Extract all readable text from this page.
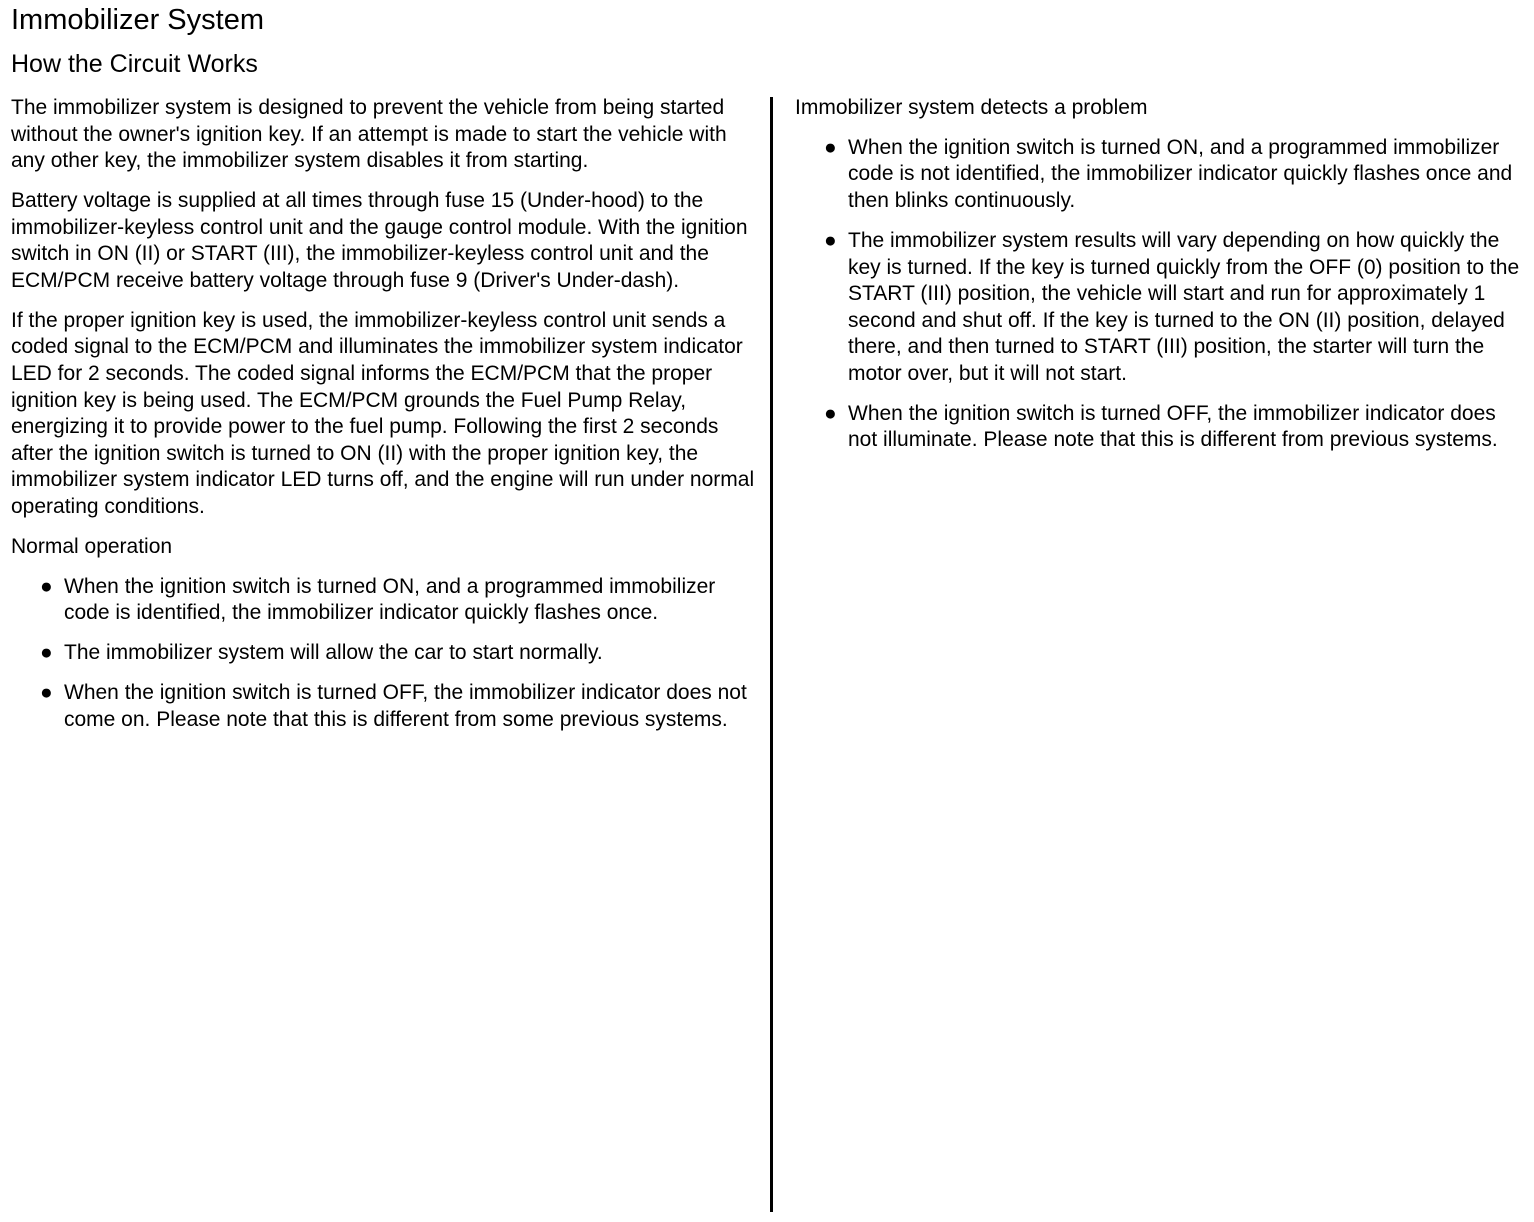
Immobilizer System
How the Circuit Works

The immobilizer system is designed to prevent the vehicle from being started without the owner's ignition key. If an attempt is made to start the vehicle with any other key, the immobilizer system disables it from starting.

Battery voltage is supplied at all times through fuse 15 (Under-hood) to the immobilizer-keyless control unit and the gauge control module. With the ignition switch in ON (II) or START (III), the immobilizer-keyless control unit and the ECM/PCM receive battery voltage through fuse 9 (Driver's Under-dash).

If the proper ignition key is used, the immobilizer-keyless control unit sends a coded signal to the ECM/PCM and illuminates the immobilizer system indicator LED for 2 seconds. The coded signal informs the ECM/PCM that the proper ignition key is being used. The ECM/PCM grounds the Fuel Pump Relay, energizing it to provide power to the fuel pump. Following the first 2 seconds after the ignition switch is turned to ON (II) with the proper ignition key, the immobilizer system indicator LED turns off, and the engine will run under normal operating conditions.

Normal operation

● When the ignition switch is turned ON, and a programmed immobilizer code is identified, the immobilizer indicator quickly flashes once.
● The immobilizer system will allow the car to start normally.
● When the ignition switch is turned OFF, the immobilizer indicator does not come on. Please note that this is different from some previous systems.

Immobilizer system detects a problem

● When the ignition switch is turned ON, and a programmed immobilizer code is not identified, the immobilizer indicator quickly flashes once and then blinks continuously.
● The immobilizer system results will vary depending on how quickly the key is turned. If the key is turned quickly from the OFF (0) position to the START (III) position, the vehicle will start and run for approximately 1 second and shut off. If the key is turned to the ON (II) position, delayed there, and then turned to START (III) position, the starter will turn the motor over, but it will not start.
● When the ignition switch is turned OFF, the immobilizer indicator does not illuminate. Please note that this is different from previous systems.
